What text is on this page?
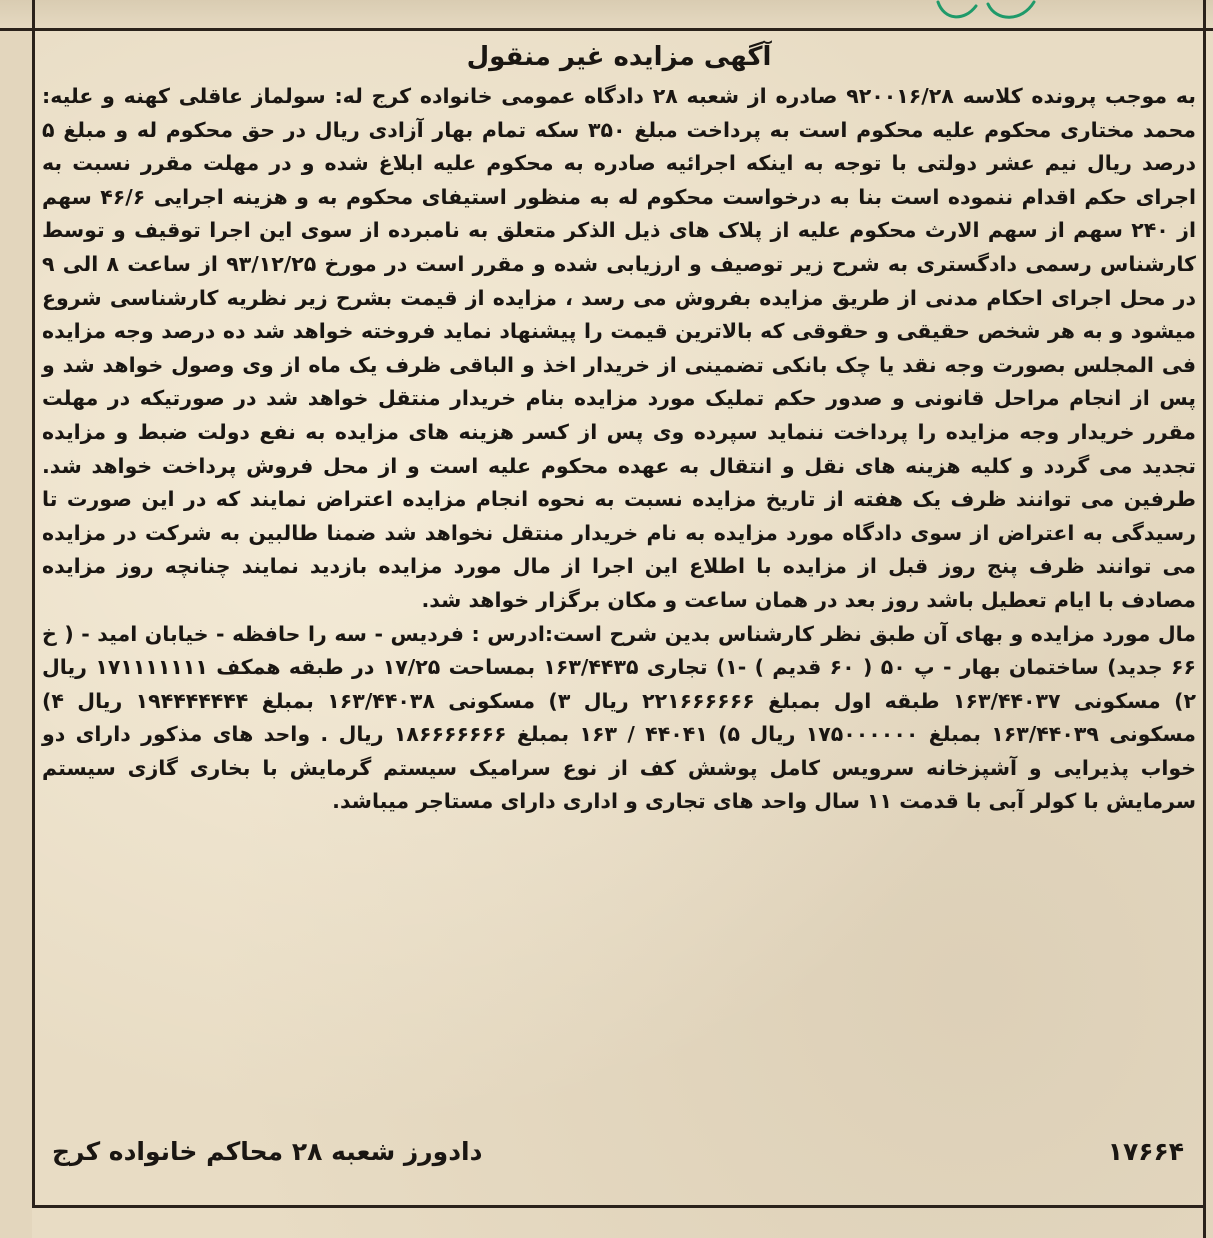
آگهی مزایده غیر منقول

به موجب پرونده کلاسه ۹۲۰۰۱۶/۲۸ صادره از شعبه ۲۸ دادگاه عمومی خانواده کرج له: سولماز عاقلی کهنه و علیه: محمد مختاری محکوم علیه محکوم است به پرداخت مبلغ ۳۵۰ سکه تمام بهار آزادی ریال در حق محکوم له و مبلغ ۵ درصد ریال نیم عشر دولتی با توجه به اینکه اجرائیه صادره به محکوم علیه ابلاغ شده و در مهلت مقرر نسبت به اجرای حکم اقدام ننموده است بنا به درخواست محکوم له به منظور استیفای محکوم به و هزینه اجرایی ۴۶/۶ سهم از ۲۴۰ سهم از سهم الارث محکوم علیه از پلاک های ذیل الذکر متعلق به نامبرده از سوی این اجرا توقیف و توسط کارشناس رسمی دادگستری به شرح زیر توصیف و ارزیابی شده و مقرر است در مورخ ۹۳/۱۲/۲۵ از ساعت ۸ الی ۹ در محل اجرای احکام مدنی از طریق مزایده بفروش می رسد ، مزایده از قیمت بشرح زیر نظریه کارشناسی شروع میشود و به هر شخص حقیقی و حقوقی که بالاترین قیمت را پیشنهاد نماید فروخته خواهد شد ده درصد وجه مزایده فی المجلس بصورت وجه نقد یا چک بانکی تضمینی از خریدار اخذ و الباقی ظرف یک ماه از وی وصول خواهد شد و پس از انجام مراحل قانونی و صدور حکم تملیک مورد مزایده بنام خریدار منتقل خواهد شد در صورتیکه در مهلت مقرر خریدار وجه مزایده را پرداخت ننماید سپرده وی پس از کسر هزینه های مزایده به نفع دولت ضبط و مزایده تجدید می گردد و کلیه هزینه های نقل و انتقال به عهده محکوم علیه است و از محل فروش پرداخت خواهد شد. طرفین می توانند ظرف یک هفته از تاریخ مزایده نسبت به نحوه انجام مزایده اعتراض نمایند که در این صورت تا رسیدگی به اعتراض از سوی دادگاه مورد مزایده به نام خریدار منتقل نخواهد شد ضمنا طالبین به شرکت در مزایده می توانند ظرف پنج روز قبل از مزایده با اطلاع این اجرا از مال مورد مزایده بازدید نمایند چنانچه روز مزایده مصادف با ایام تعطیل باشد روز بعد در همان ساعت و مکان برگزار خواهد شد.
مال مورد مزایده و بهای آن طبق نظر کارشناس بدین شرح است:ادرس : فردیس - سه را حافظه - خیابان امید - ( خ ۶۶ جدید) ساختمان بهار - پ ۵۰ ( ۶۰ قدیم ) -۱) تجاری ۱۶۳/۴۴۳۵ بمساحت ۱۷/۲۵ در طبقه همکف ۱۷۱۱۱۱۱۱۱ ریال ۲) مسکونی ۱۶۳/۴۴۰۳۷ طبقه اول بمبلغ ۲۲۱۶۶۶۶۶۶ ریال ۳) مسکونی ۱۶۳/۴۴۰۳۸ بمبلغ ۱۹۴۴۴۴۴۴۴ ریال ۴) مسکونی ۱۶۳/۴۴۰۳۹ بمبلغ ۱۷۵۰۰۰۰۰۰ ریال ۵) ۴۴۰۴۱ / ۱۶۳ بمبلغ ۱۸۶۶۶۶۶۶۶ ریال . واحد های مذکور دارای دو خواب پذیرایی و آشپزخانه سرویس کامل پوشش کف از نوع سرامیک سیستم گرمایش با بخاری گازی سیستم سرمایش با کولر آبی با قدمت ۱۱ سال واحد های تجاری و اداری دارای مستاجر میباشد.

۱۷۶۶۴
دادورز شعبه ۲۸ محاکم خانواده کرج
